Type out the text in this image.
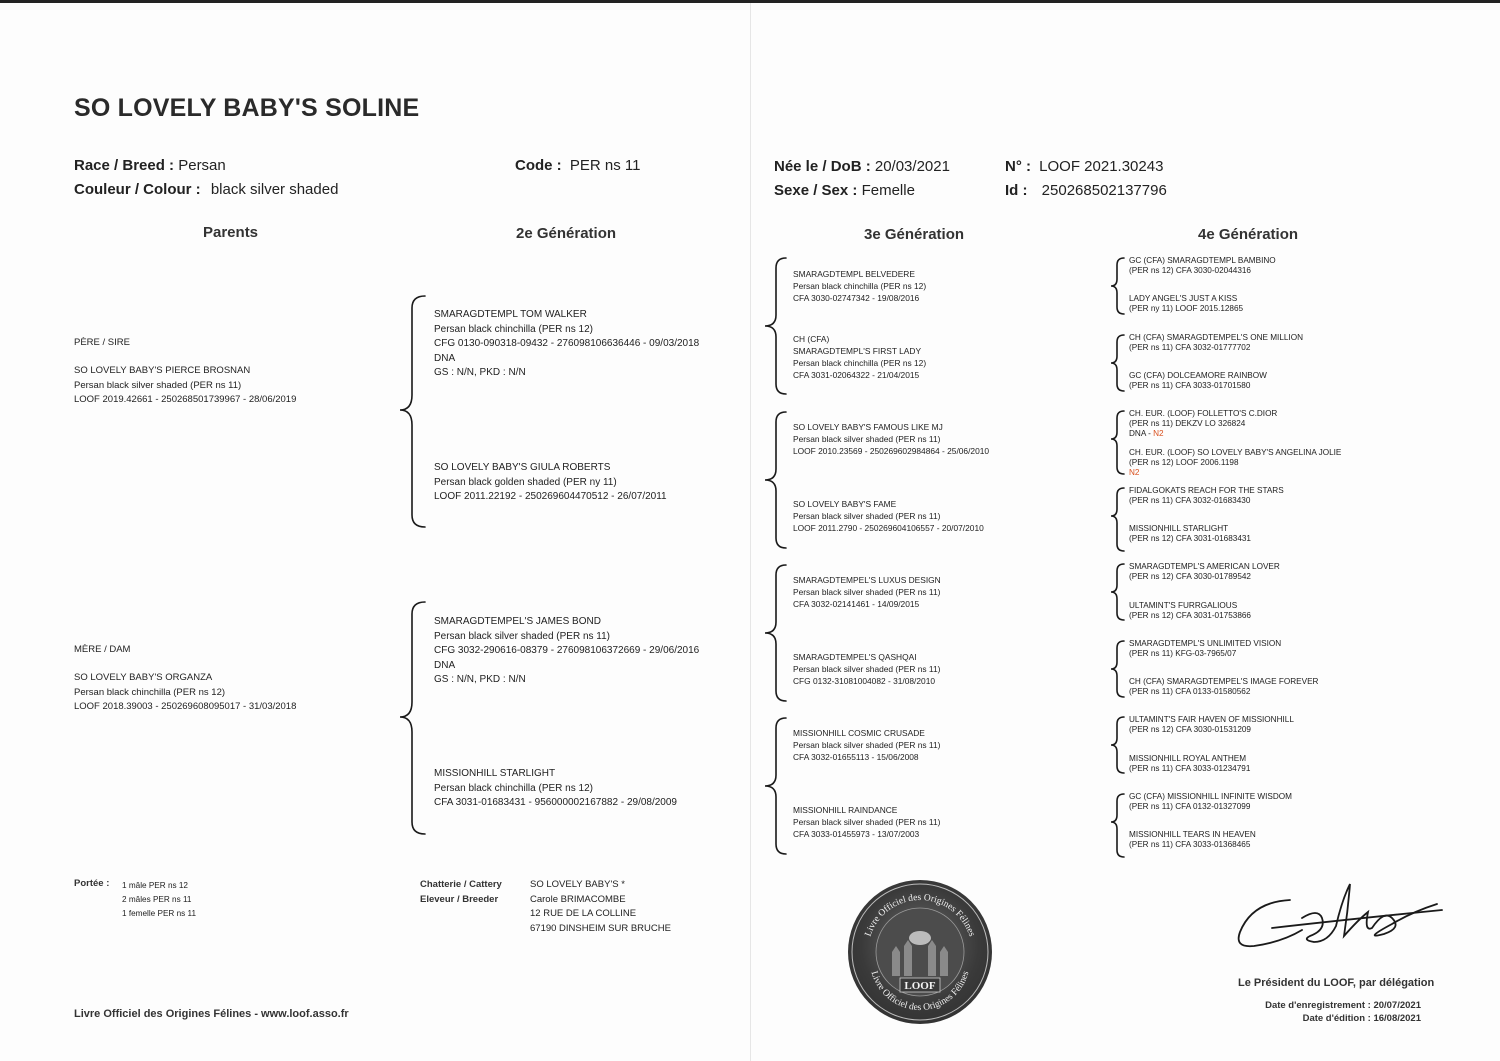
SO LOVELY BABY'S SOLINE
Race / Breed : Persan
Couleur / Colour : black silver shaded
Code : PER ns 11	Née le / DoB : 20/03/2021
Sexe / Sex : Femelle
N° : LOOF 2021.30243
Id : 250268502137796
Parents	2e Génération	3e Génération	4e Génération
PÈRE / SIRE
SO LOVELY BABY'S PIERCE BROSNAN
Persan black silver shaded (PER ns 11)
LOOF 2019.42661 - 250268501739967 - 28/06/2019
MÈRE / DAM
SO LOVELY BABY'S ORGANZA
Persan black chinchilla (PER ns 12)
LOOF 2018.39003 - 250269608095017 - 31/03/2018
SMARAGDTEMPL TOM WALKER
Persan black chinchilla (PER ns 12)
CFG 0130-090318-09432 - 276098106636446 - 09/03/2018
DNA
GS : N/N, PKD : N/N
SO LOVELY BABY'S GIULA ROBERTS
Persan black golden shaded (PER ny 11)
LOOF 2011.22192 - 250269604470512 - 26/07/2011
SMARAGDTEMPEL'S JAMES BOND
Persan black silver shaded (PER ns 11)
CFG 3032-290616-08379 - 276098106372669 - 29/06/2016
DNA
GS : N/N, PKD : N/N
MISSIONHILL STARLIGHT
Persan black chinchilla (PER ns 12)
CFA 3031-01683431 - 956000002167882 - 29/08/2009
SMARAGDTEMPL BELVEDERE
Persan black chinchilla (PER ns 12)
CFA 3030-02747342 - 19/08/2016
CH (CFA)
SMARAGDTEMPL'S FIRST LADY
Persan black chinchilla (PER ns 12)
CFA 3031-02064322 - 21/04/2015
SO LOVELY BABY'S FAMOUS LIKE MJ
Persan black silver shaded (PER ns 11)
LOOF 2010.23569 - 250269602984864 - 25/06/2010
SO LOVELY BABY'S FAME
Persan black silver shaded (PER ns 11)
LOOF 2011.2790 - 250269604106557 - 20/07/2010
SMARAGDTEMPEL'S LUXUS DESIGN
Persan black silver shaded (PER ns 11)
CFA 3032-02141461 - 14/09/2015
SMARAGDTEMPEL'S QASHQAI
Persan black silver shaded (PER ns 11)
CFG 0132-31081004082 - 31/08/2010
MISSIONHILL COSMIC CRUSADE
Persan black silver shaded (PER ns 11)
CFA 3032-01655113 - 15/06/2008
MISSIONHILL RAINDANCE
Persan black silver shaded (PER ns 11)
CFA 3033-01455973 - 13/07/2003
GC (CFA) SMARAGDTEMPL BAMBINO
(PER ns 12) CFA 3030-02044316
LADY ANGEL'S JUST A KISS
(PER ny 11) LOOF 2015.12865
CH (CFA) SMARAGDTEMPEL'S ONE MILLION
(PER ns 11) CFA 3032-01777702
GC (CFA) DOLCEAMORE RAINBOW
(PER ns 11) CFA 3033-01701580
CH. EUR. (LOOF) FOLLETTO'S C.DIOR
(PER ns 11) DEKZV LO 326824
DNA - N2
CH. EUR. (LOOF) SO LOVELY BABY'S ANGELINA JOLIE
(PER ns 12) LOOF 2006.1198
N2
FIDALGOKATS REACH FOR THE STARS
(PER ns 11) CFA 3032-01683430
MISSIONHILL STARLIGHT
(PER ns 12) CFA 3031-01683431
SMARAGDTEMPL'S AMERICAN LOVER
(PER ns 12) CFA 3030-01789542
ULTAMINT'S FURRGALIOUS
(PER ns 12) CFA 3031-01753866
SMARAGDTEMPL'S UNLIMITED VISION
(PER ns 11) KFG-03-7965/07
CH (CFA) SMARAGDTEMPEL'S IMAGE FOREVER
(PER ns 11) CFA 0133-01580562
ULTAMINT'S FAIR HAVEN OF MISSIONHILL
(PER ns 12) CFA 3030-01531209
MISSIONHILL ROYAL ANTHEM
(PER ns 11) CFA 3033-01234791
GC (CFA) MISSIONHILL INFINITE WISDOM
(PER ns 11) CFA 0132-01327099
MISSIONHILL TEARS IN HEAVEN
(PER ns 11) CFA 3033-01368465
Portée : 1 mâle PER ns 12
2 mâles PER ns 11
1 femelle PER ns 11
Chatterie / Cattery
Eleveur / Breeder
SO LOVELY BABY'S *
Carole BRIMACOMBE
12 RUE DE LA COLLINE
67190 DINSHEIM SUR BRUCHE
Livre Officiel des Origines Félines - www.loof.asso.fr
Livre Officiel des Origines Félines
Livre Officiel des Origines Félines
LOOF	Le Président du LOOF, par délégation
Date d'enregistrement : 20/07/2021
Date d'édition : 16/08/2021
